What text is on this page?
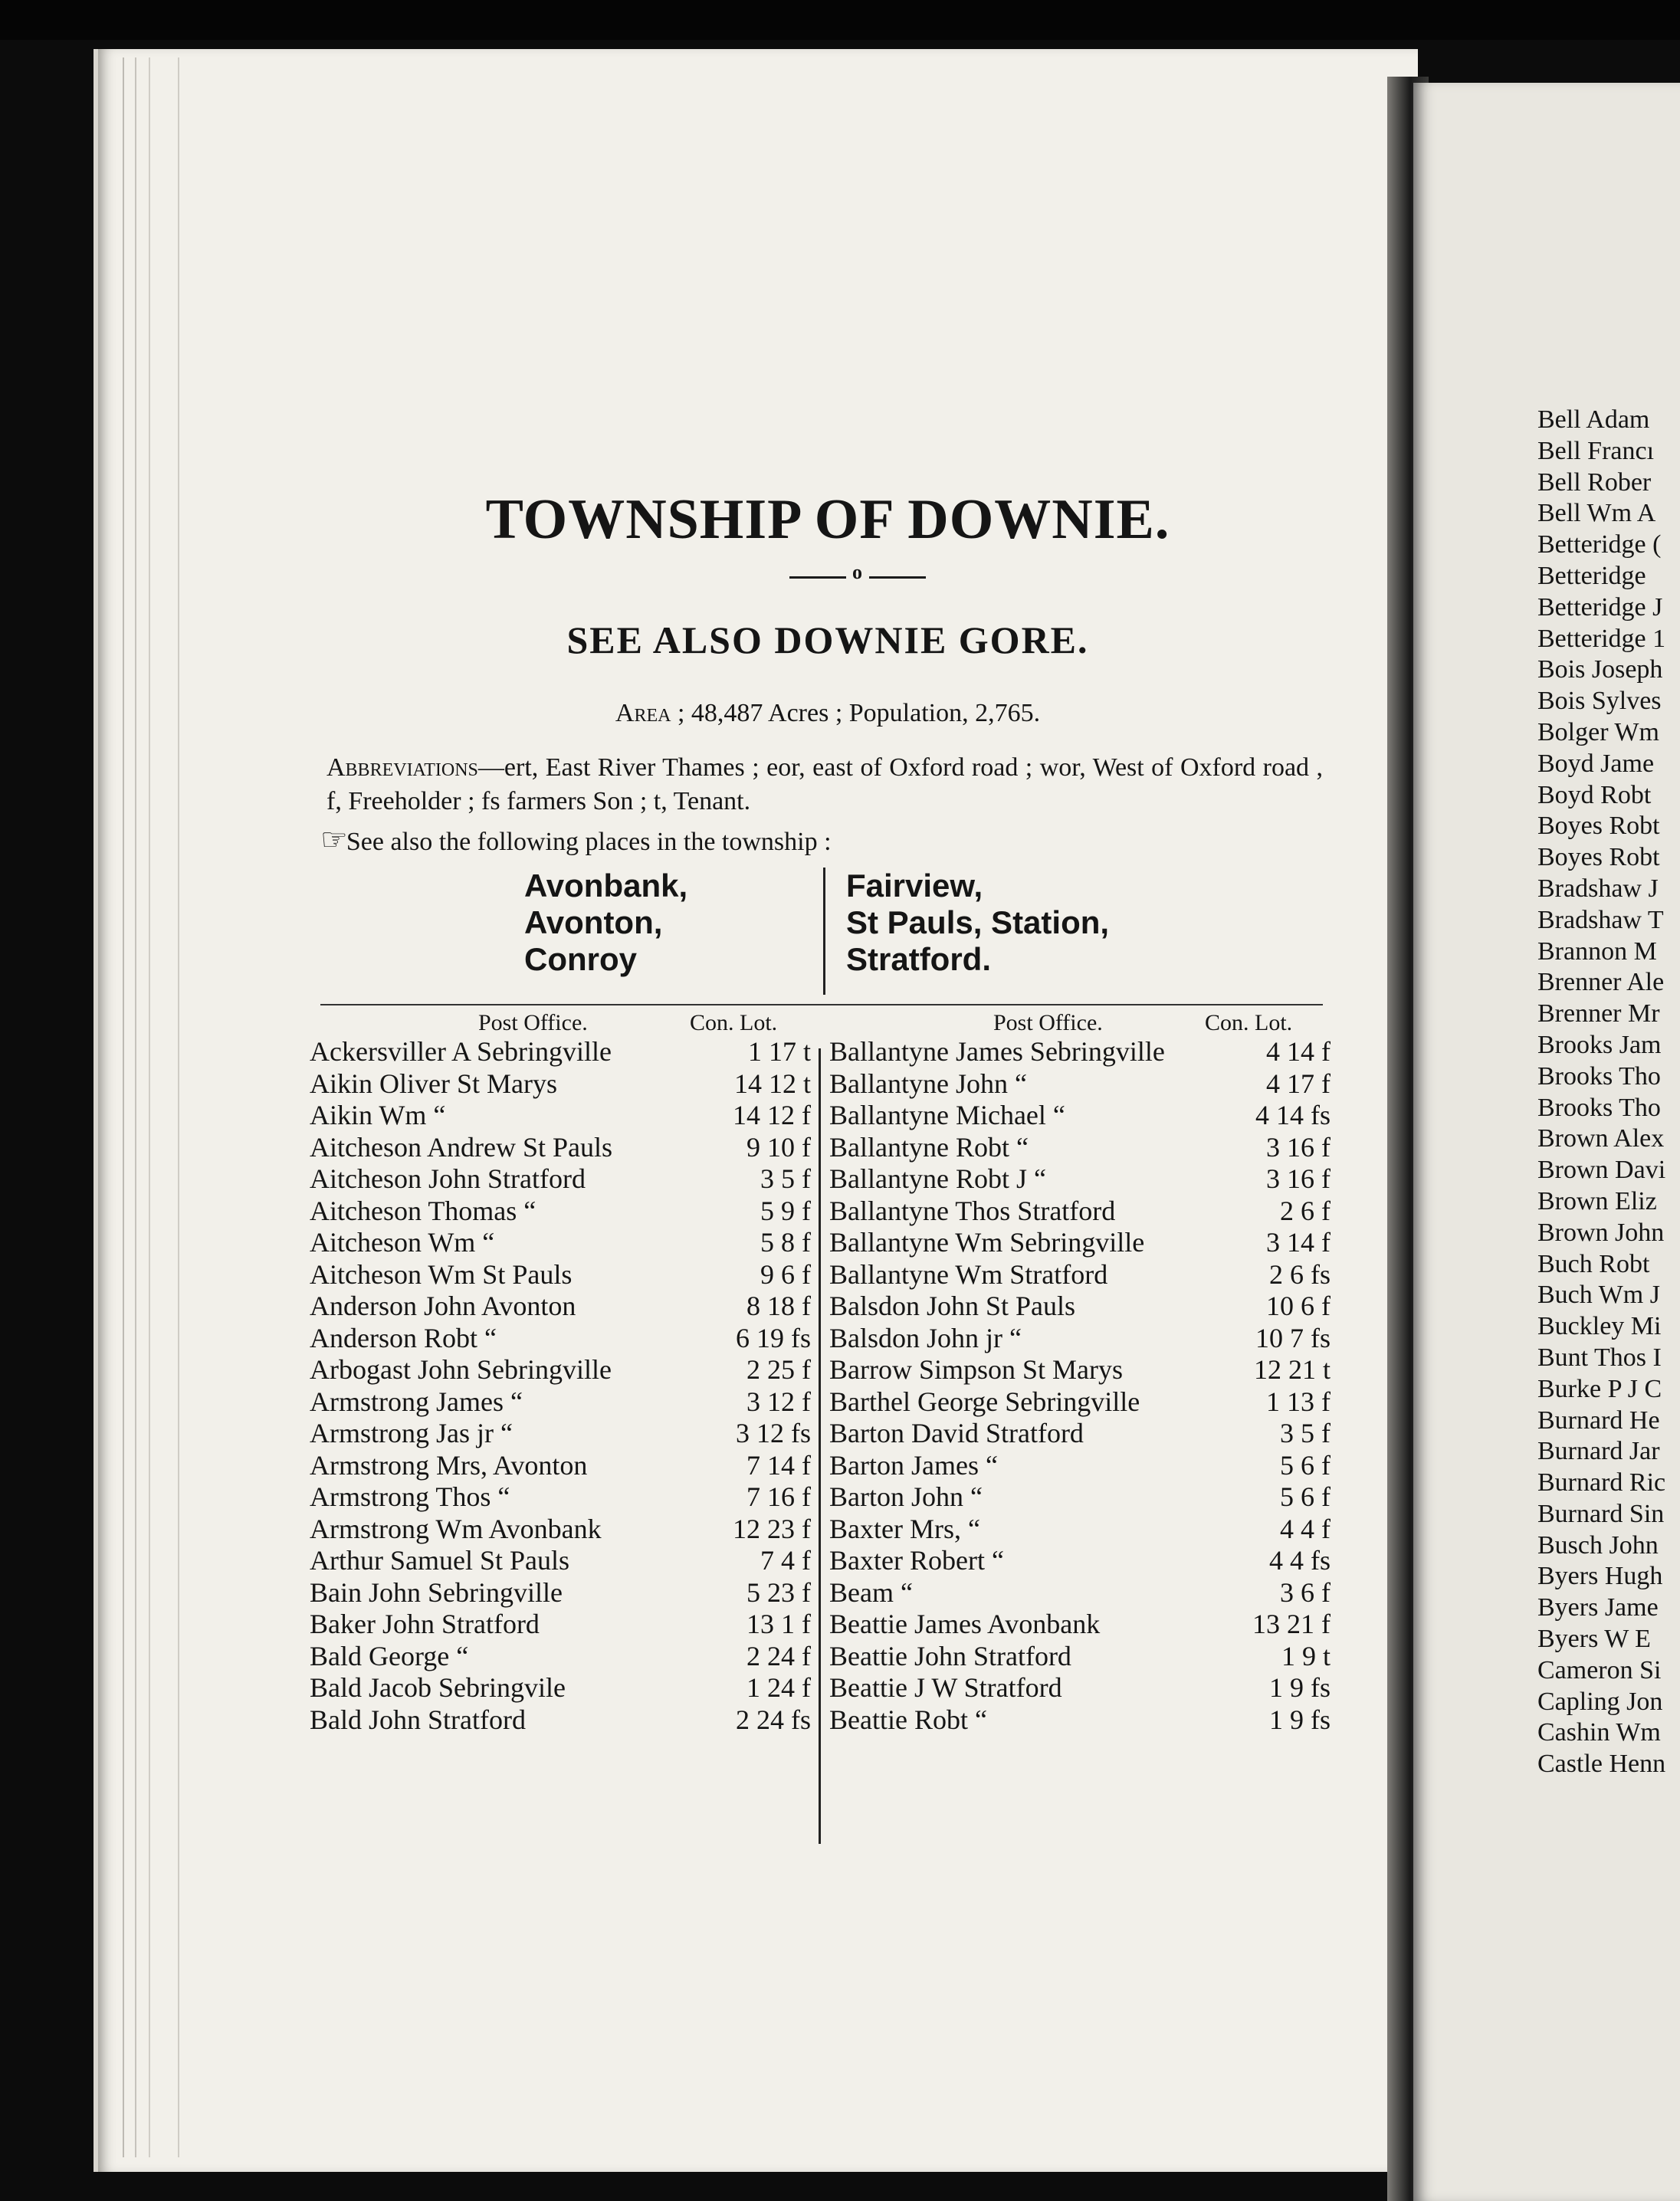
TOWNSHIP OF DOWNIE.
o
SEE ALSO DOWNIE GORE.

Area ; 48,487 Acres ; Population, 2,765.

Abbreviations—ert, East River Thames ; eor, east of Oxford road ; wor, West of Oxford road , f, Freeholder ; fs farmers Son ; t, Tenant.

☞See also the following places in the township :

Avonbank,
Avonton,
Conroy
Fairview,
St Pauls, Station,
Stratford.

Post Office.	Con. Lot.	Post Office.	Con. Lot.

Ackersviller A Sebringville	1 17 t
Aikin Oliver St Marys	14 12 t
Aikin Wm “	14 12 f
Aitcheson Andrew St Pauls	9 10 f
Aitcheson John Stratford	3 5 f
Aitcheson Thomas “	5 9 f
Aitcheson Wm “	5 8 f
Aitcheson Wm St Pauls	9 6 f
Anderson John Avonton	8 18 f
Anderson Robt “	6 19 fs
Arbogast John Sebringville	2 25 f
Armstrong James “	3 12 f
Armstrong Jas jr “	3 12 fs
Armstrong Mrs, Avonton	7 14 f
Armstrong Thos “	7 16 f
Armstrong Wm Avonbank	12 23 f
Arthur Samuel St Pauls	7 4 f
Bain John Sebringville	5 23 f
Baker John Stratford	13 1 f
Bald George “	2 24 f
Bald Jacob Sebringvile	1 24 f
Bald John Stratford	2 24 fs
Ballantyne James Sebringville	4 14 f
Ballantyne John “	4 17 f
Ballantyne Michael “	4 14 fs
Ballantyne Robt “	3 16 f
Ballantyne Robt J “	3 16 f
Ballantyne Thos Stratford	2 6 f
Ballantyne Wm Sebringville	3 14 f
Ballantyne Wm Stratford	2 6 fs
Balsdon John St Pauls	10 6 f
Balsdon John jr “	10 7 fs
Barrow Simpson St Marys	12 21 t
Barthel George Sebringville	1 13 f
Barton David Stratford	3 5 f
Barton James “	5 6 f
Barton John “	5 6 f
Baxter Mrs, “	4 4 f
Baxter Robert “	4 4 fs
Beam “	3 6 f
Beattie James Avonbank	13 21 f
Beattie John Stratford	1 9 t
Beattie J W Stratford	1 9 fs
Beattie Robt “	1 9 fs
Bell Adam
Bell Francı
Bell Rober
Bell Wm A
Betteridge (
Betteridge
Betteridge J
Betteridge 1
Bois Joseph
Bois Sylves
Bolger Wm
Boyd Jame
Boyd Robt
Boyes Robt
Boyes Robt
Bradshaw J
Bradshaw T
Brannon M
Brenner Ale
Brenner Mr
Brooks Jam
Brooks Tho
Brooks Tho
Brown Alex
Brown Davi
Brown Eliz
Brown John
Buch Robt
Buch Wm J
Buckley Mi
Bunt Thos I
Burke P J C
Burnard He
Burnard Jar
Burnard Ric
Burnard Sin
Busch John
Byers Hugh
Byers Jame
Byers W E
Cameron Si
Capling Jon
Cashin Wm
Castle Henn
